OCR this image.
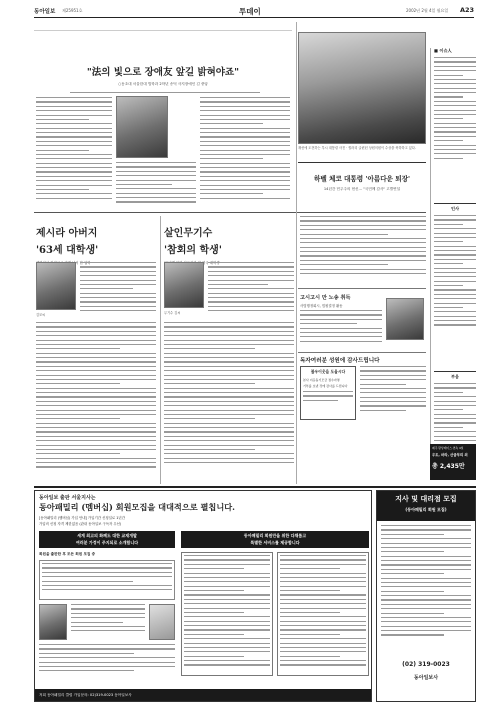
동아일보 제25951호	투데이	2002년 2월 4일 월요일 A23
"法의 빛으로 장애友 앞길 밝혀야죠"
○동초대 서울한대 법학과 2학년 송덕 사지장애인 김 중앙
재선에 도전하는 부시 대통령 사진 · 힐러리 클린턴 상원의원이 수상을 축하하고 있다.
하벨 체코 대통령 '아름다운 퇴장'
14년간 민주주의 헌신… "국민께 감사" 고별연설
■ 이슈人
인사
부음
제시라 아버지
'63세 대학생'
김모씨
살인무기수
'참회의 학생'
영국
무기수 김씨
고시고시 만 노송 취득
사법행정회시, 법원결정 활동
독자여러분 성원에 감사드립니다
불우이웃을 도울시다
본사 이웃돕기모금 접수자명
기부를 보낸 것에 감사를 드립니다
제주 환상레이스·연속 4일
우도, 마라, 산굼부리 외
총 2,435만
동아일보 출판 서울지사는
동아패밀리 (멤버십) 회원모집을 대대적으로 펼칩니다.
[동아패밀리 (멤버십) 가입 안내] 가입기간 신청일로 1년간
가입비 신청 자격 제한없음 (관내 동아일보 구독자 우선)
세계 최고의 화폐도 대한 교재개발
여러분 가정이 주지되로 소개합니다
회원을 출판한 후 모든 회원 모집 중
동아패밀리 회원만을 위한 다채롭고
특별한 서비스를 제공합니다
저희 동아패밀리 클럽 가입문의: 02)319-0023 동아일보사
지사 및 대리점 모집
(동아패밀리 회원 모집)
(02) 319-0023
동아일보사
